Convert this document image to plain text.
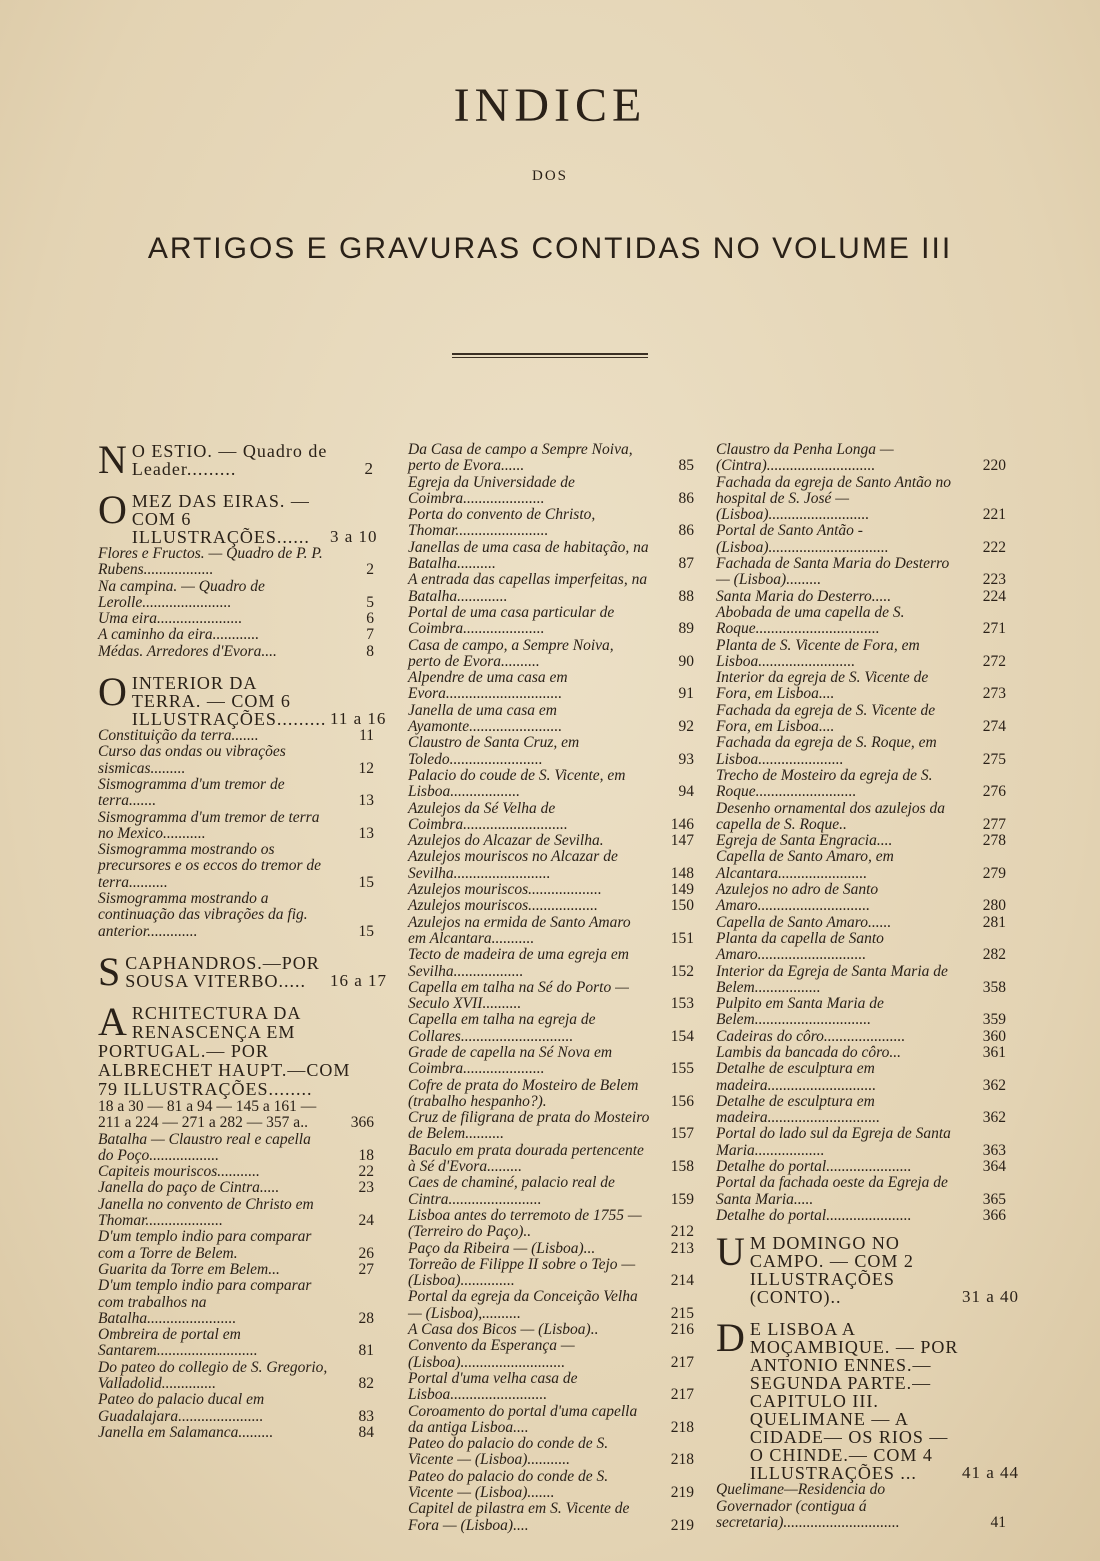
INDICE
DOS
ARTIGOS E GRAVURAS CONTIDAS NO VOLUME III
N O ESTIO. — Quadro de Leader.........	2
O MEZ DAS EIRAS. — COM 6 ILLUSTRAÇÕES......	3 a 10
Flores e Fructos. — Quadro de P. P. Rubens..................	2
Na campina. — Quadro de Lerolle.......................	5
Uma eira......................	6
A caminho da eira............	7
Médas. Arredores d'Evora....	8
O INTERIOR DA TERRA. — COM 6 ILLUSTRAÇÕES......... 11 a 16
Constituição da terra.......	11
Curso das ondas ou vibrações sismicas.........	12
Sismogramma d'um tremor de terra.......	13
Sismogramma d'um tremor de terra no Mexico...........	13
Sismogramma mostrando os precursores e os eccos do tremor de terra..........	15
Sismogramma mostrando a continuação das vibrações da fig. anterior.............	15
S CAPHANDROS.—POR SOUSA VITERBO.....	16 a 17
A RCHITECTURA DA RENASCENÇA EM PORTUGAL.— POR ALBRECHET HAUPT.—COM 79 ILLUSTRAÇÕES........
18 a 30 — 81 a 94 — 145 a 161 — 211 a 224 — 271 a 282 — 357 a..	366
Batalha — Claustro real e capella do Poço..................	18
Capiteis mouriscos...........	22
Janella do paço de Cintra.....	23
Janella no convento de Christo em Thomar....................	24
D'um templo indio para comparar com a Torre de Belem.	26
Guarita da Torre em Belem...	27
D'um templo indio para comparar com trabalhos na Batalha.......................	28
Ombreira de portal em Santarem..........................	81
Do pateo do collegio de S. Gregorio, Valladolid..............	82
Pateo do palacio ducal em Guadalajara......................	83
Janella em Salamanca.........	84
Da Casa de campo a Sempre Noiva, perto de Evora......	85
Egreja da Universidade de Coimbra.....................	86
Porta do convento de Christo, Thomar........................	86
Janellas de uma casa de habitação, na Batalha..........	87
A entrada das capellas imperfeitas, na Batalha.............	88
Portal de uma casa particular de Coimbra.....................	89
Casa de campo, a Sempre Noiva, perto de Evora..........	90
Alpendre de uma casa em Evora..............................	91
Janella de uma casa em Ayamonte........................	92
Claustro de Santa Cruz, em Toledo........................	93
Palacio do coude de S. Vicente, em Lisboa..................	94
Azulejos da Sé Velha de Coimbra...........................	146
Azulejos do Alcazar de Sevilha.	147
Azulejos mouriscos no Alcazar de Sevilha.........................	148
Azulejos mouriscos...................	149
Azulejos mouriscos..................	150
Azulejos na ermida de Santo Amaro em Alcantara...........	151
Tecto de madeira de uma egreja em Sevilha..................	152
Capella em talha na Sé do Porto — Seculo XVII..........	153
Capella em talha na egreja de Collares.............................	154
Grade de capella na Sé Nova em Coimbra.....................	155
Cofre de prata do Mosteiro de Belem (trabalho hespanho?).	156
Cruz de filigrana de prata do Mosteiro de Belem..........	157
Baculo em prata dourada pertencente à Sé d'Evora.........	158
Caes de chaminé, palacio real de Cintra........................	159
Lisboa antes do terremoto de 1755 — (Terreiro do Paço)..	212
Paço da Ribeira — (Lisboa)...	213
Torreão de Filippe II sobre o Tejo — (Lisboa)..............	214
Portal da egreja da Conceição Velha — (Lisboa),..........	215
A Casa dos Bicos — (Lisboa)..	216
Convento da Esperança — (Lisboa)...........................	217
Portal d'uma velha casa de Lisboa.........................	217
Coroamento do portal d'uma capella da antiga Lisboa....	218
Pateo do palacio do conde de S. Vicente — (Lisboa)...........	218
Pateo do palacio do conde de S. Vicente — (Lisboa).......	219
Capitel de pilastra em S. Vicente de Fora — (Lisboa)....	219
Claustro da Penha Longa — (Cintra)............................	220
Fachada da egreja de Santo Antão no hospital de S. José — (Lisboa)..........................	221
Portal de Santo Antão - (Lisboa)...............................	222
Fachada de Santa Maria do Desterro — (Lisboa).........	223
Santa Maria do Desterro.....	224
Abobada de uma capella de S. Roque................................	271
Planta de S. Vicente de Fora, em Lisboa.........................	272
Interior da egreja de S. Vicente de Fora, em Lisboa....	273
Fachada da egreja de S. Vicente de Fora, em Lisboa....	274
Fachada da egreja de S. Roque, em Lisboa......................	275
Trecho de Mosteiro da egreja de S. Roque..........................	276
Desenho ornamental dos azulejos da capella de S. Roque..	277
Egreja de Santa Engracia....	278
Capella de Santo Amaro, em Alcantara.......................	279
Azulejos no adro de Santo Amaro.............................	280
Capella de Santo Amaro......	281
Planta da capella de Santo Amaro............................	282
Interior da Egreja de Santa Maria de Belem.................	358
Pulpito em Santa Maria de Belem..............................	359
Cadeiras do côro.....................	360
Lambis da bancada do côro...	361
Detalhe de esculptura em madeira............................	362
Detalhe de esculptura em madeira.............................	362
Portal do lado sul da Egreja de Santa Maria..................	363
Detalhe do portal......................	364
Portal da fachada oeste da Egreja de Santa Maria.....	365
Detalhe do portal......................	366
U M DOMINGO NO CAMPO. — COM 2 ILLUSTRAÇÕES (CONTO)..	31 a 40
D E LISBOA A MOÇAMBIQUE. — POR ANTONIO ENNES.—SEGUNDA PARTE.—CAPITULO III. QUELIMANE — A CIDADE— OS RIOS — O CHINDE.— COM 4 ILLUSTRAÇÕES ...	41 a 44
Quelimane—Residencia do Governador (contigua á secretaria)..............................	41
